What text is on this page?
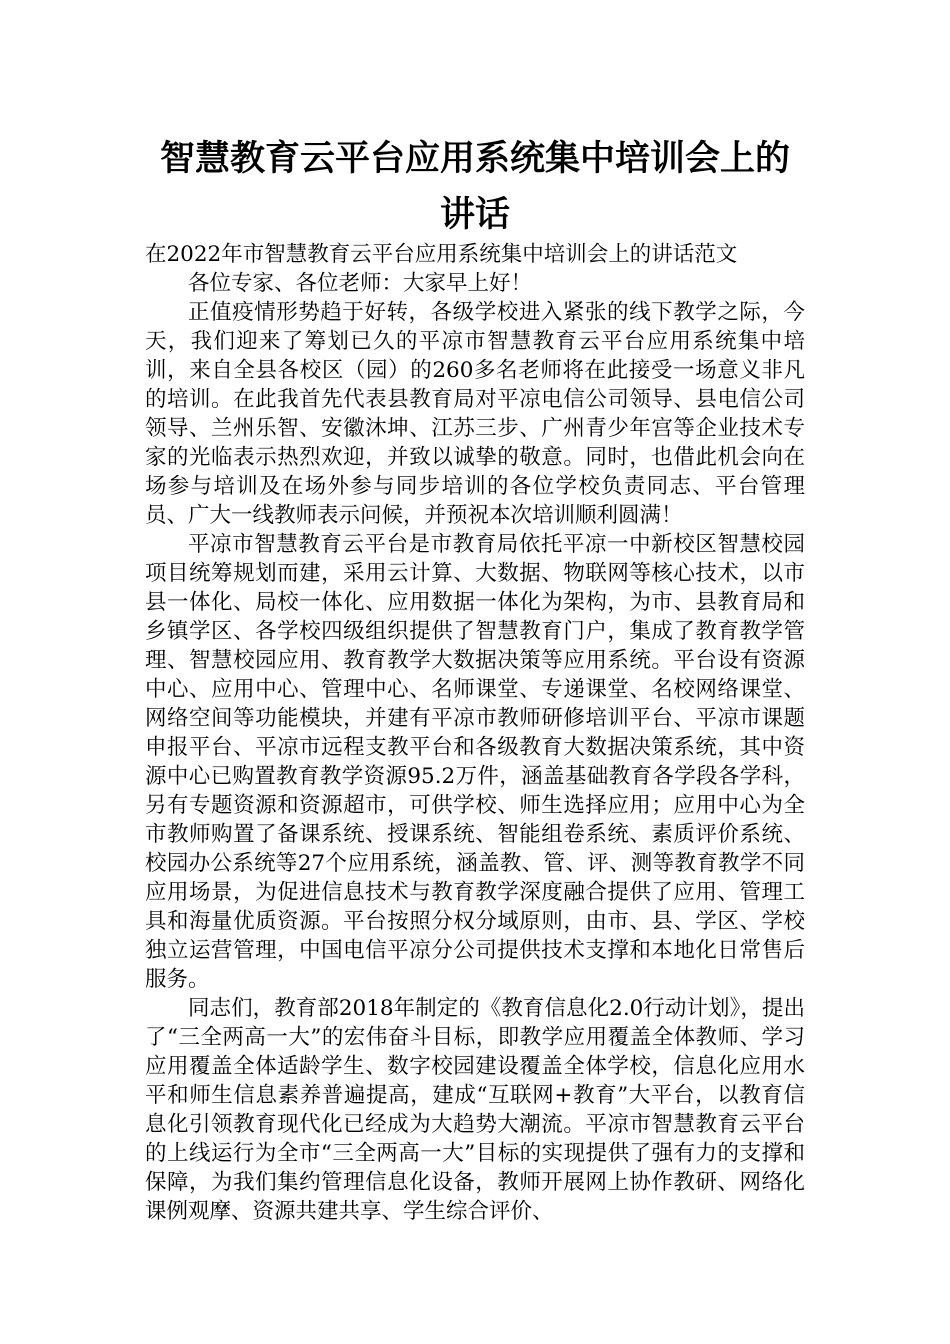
智慧教育云平台应用系统集中培训会上的
讲话

在2022年市智慧教育云平台应用系统集中培训会上的讲话范文

各位专家、各位老师：大家早上好！

正值疫情形势趋于好转，各级学校进入紧张的线下教学之际，今天，我们迎来了筹划已久的平凉市智慧教育云平台应用系统集中培训，来自全县各校区（园）的260多名老师将在此接受一场意义非凡的培训。在此我首先代表县教育局对平凉电信公司领导、县电信公司领导、兰州乐智、安徽沐坤、江苏三步、广州青少年宫等企业技术专家的光临表示热烈欢迎，并致以诚挚的敬意。同时，也借此机会向在场参与培训及在场外参与同步培训的各位学校负责同志、平台管理员、广大一线教师表示问候，并预祝本次培训顺利圆满！

平凉市智慧教育云平台是市教育局依托平凉一中新校区智慧校园项目统筹规划而建，采用云计算、大数据、物联网等核心技术，以市县一体化、局校一体化、应用数据一体化为架构，为市、县教育局和乡镇学区、各学校四级组织提供了智慧教育门户，集成了教育教学管理、智慧校园应用、教育教学大数据决策等应用系统。平台设有资源中心、应用中心、管理中心、名师课堂、专递课堂、名校网络课堂、网络空间等功能模块，并建有平凉市教师研修培训平台、平凉市课题申报平台、平凉市远程支教平台和各级教育大数据决策系统，其中资源中心已购置教育教学资源95.2万件，涵盖基础教育各学段各学科，另有专题资源和资源超市，可供学校、师生选择应用；应用中心为全市教师购置了备课系统、授课系统、智能组卷系统、素质评价系统、校园办公系统等27个应用系统，涵盖教、管、评、测等教育教学不同应用场景，为促进信息技术与教育教学深度融合提供了应用、管理工具和海量优质资源。平台按照分权分域原则，由市、县、学区、学校独立运营管理，中国电信平凉分公司提供技术支撑和本地化日常售后服务。

同志们，教育部2018年制定的《教育信息化2.0行动计划》，提出了“三全两高一大”的宏伟奋斗目标，即教学应用覆盖全体教师、学习应用覆盖全体适龄学生、数字校园建设覆盖全体学校，信息化应用水平和师生信息素养普遍提高，建成“互联网+教育”大平台，以教育信息化引领教育现代化已经成为大趋势大潮流。平凉市智慧教育云平台的上线运行为全市“三全两高一大”目标的实现提供了强有力的支撑和保障，为我们集约管理信息化设备，教师开展网上协作教研、网络化课例观摩、资源共建共享、学生综合评价、
